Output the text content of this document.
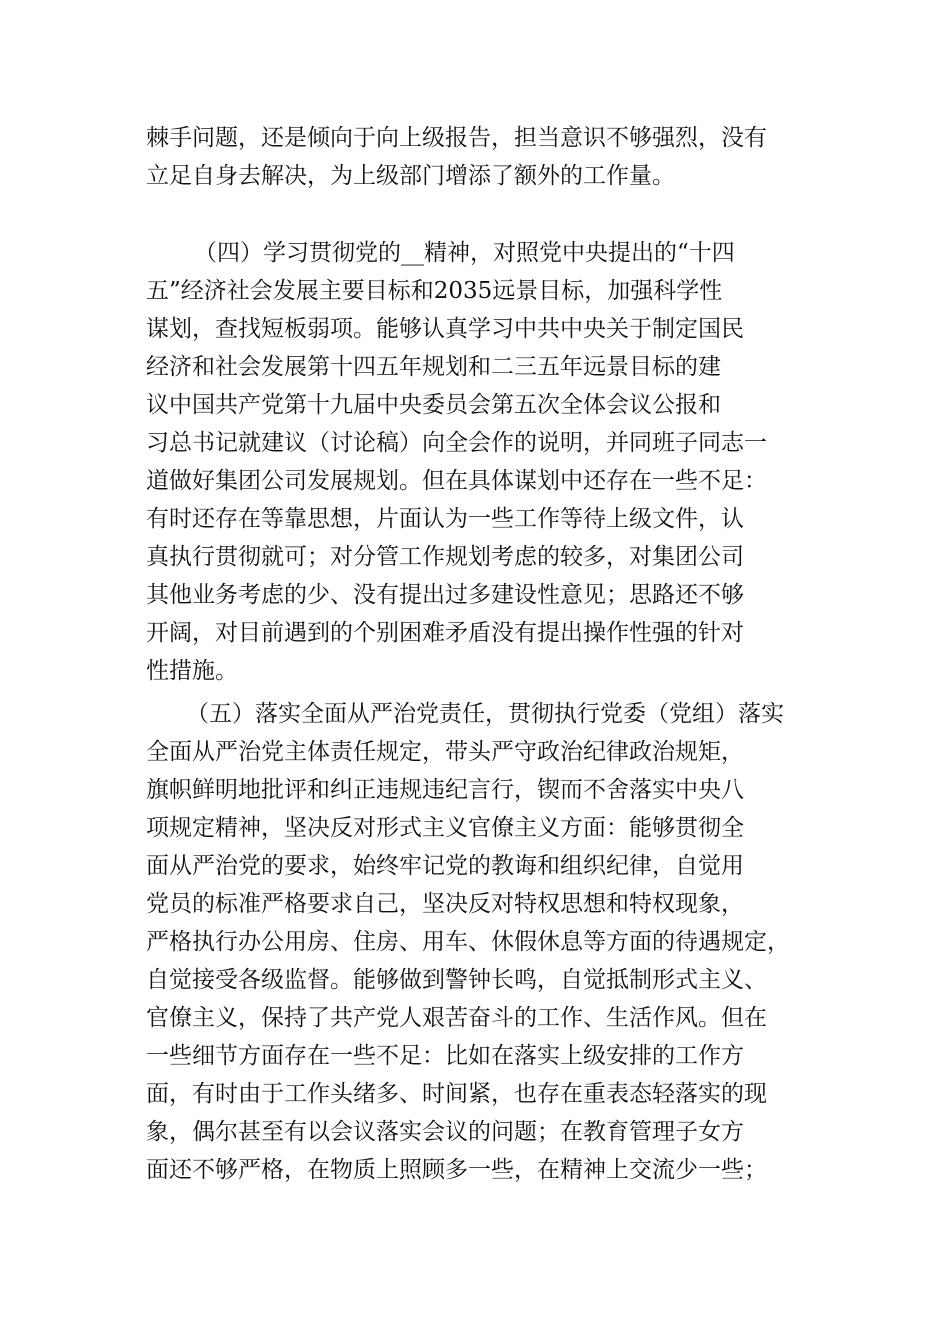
棘手问题，还是倾向于向上级报告，担当意识不够强烈，没有
立足自身去解决，为上级部门增添了额外的工作量。
（四）学习贯彻党的__精神，对照党中央提出的“十四
五”经济社会发展主要目标和2035远景目标，加强科学性
谋划，查找短板弱项。能够认真学习中共中央关于制定国民
经济和社会发展第十四五年规划和二三五年远景目标的建
议中国共产党第十九届中央委员会第五次全体会议公报和
习总书记就建议（讨论稿）向全会作的说明，并同班子同志一
道做好集团公司发展规划。但在具体谋划中还存在一些不足：
有时还存在等靠思想，片面认为一些工作等待上级文件，认
真执行贯彻就可；对分管工作规划考虑的较多，对集团公司
其他业务考虑的少、没有提出过多建设性意见；思路还不够
开阔，对目前遇到的个别困难矛盾没有提出操作性强的针对
性措施。
（五）落实全面从严治党责任，贯彻执行党委（党组）落实
全面从严治党主体责任规定，带头严守政治纪律政治规矩，
旗帜鲜明地批评和纠正违规违纪言行，锲而不舍落实中央八
项规定精神，坚决反对形式主义官僚主义方面：能够贯彻全
面从严治党的要求，始终牢记党的教诲和组织纪律，自觉用
党员的标准严格要求自己，坚决反对特权思想和特权现象，
严格执行办公用房、住房、用车、休假休息等方面的待遇规定，
自觉接受各级监督。能够做到警钟长鸣，自觉抵制形式主义、
官僚主义，保持了共产党人艰苦奋斗的工作、生活作风。但在
一些细节方面存在一些不足：比如在落实上级安排的工作方
面，有时由于工作头绪多、时间紧，也存在重表态轻落实的现
象，偶尔甚至有以会议落实会议的问题；在教育管理子女方
面还不够严格，在物质上照顾多一些，在精神上交流少一些；
